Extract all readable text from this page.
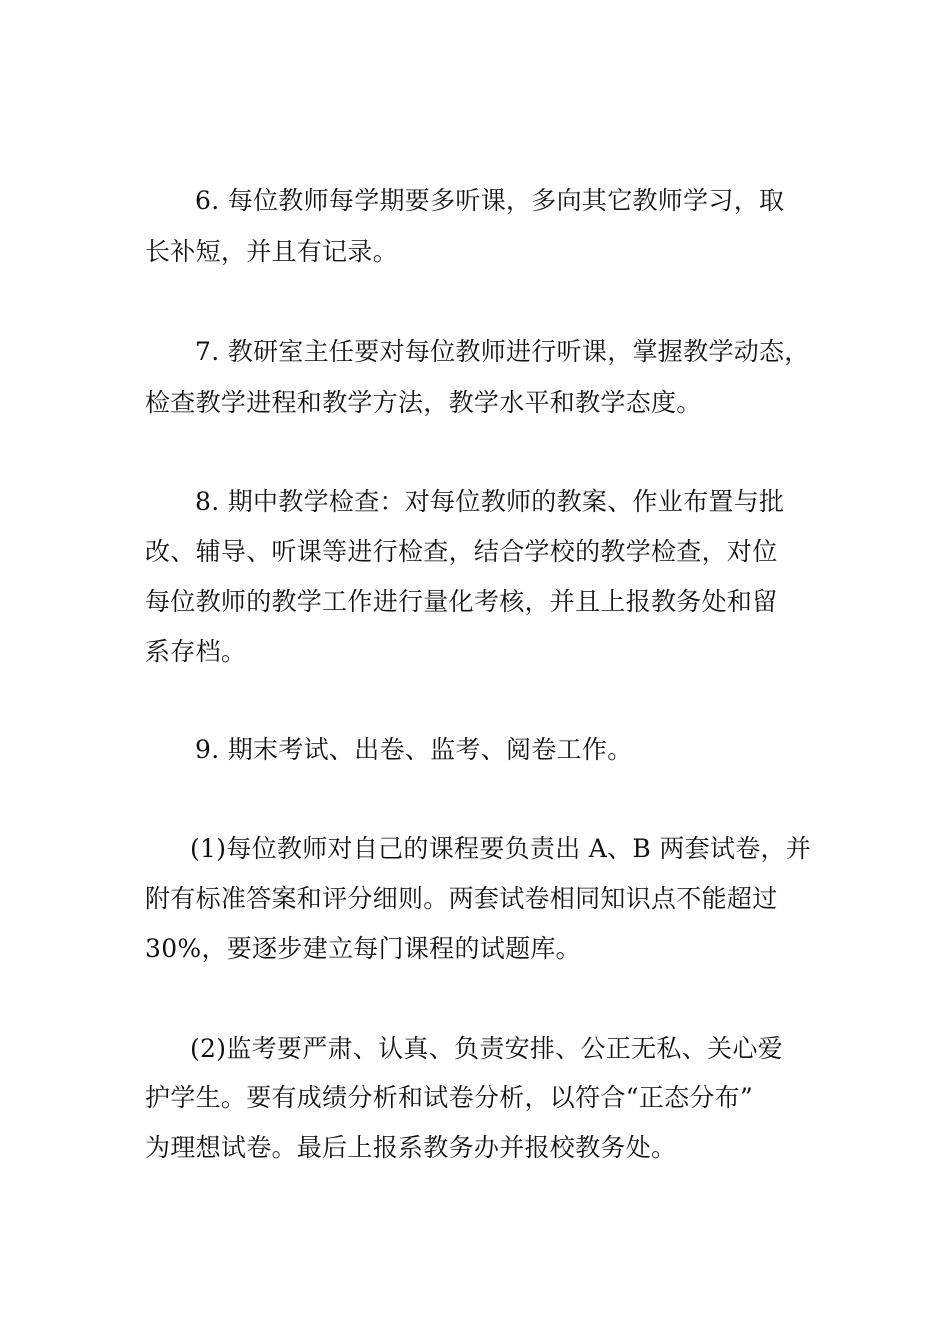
6. 每位教师每学期要多听课，多向其它教师学习，取
长补短，并且有记录。
7. 教研室主任要对每位教师进行听课，掌握教学动态，
检查教学进程和教学方法，教学水平和教学态度。
8. 期中教学检查：对每位教师的教案、作业布置与批
改、辅导、听课等进行检查，结合学校的教学检查，对位
每位教师的教学工作进行量化考核，并且上报教务处和留
系存档。
9. 期末考试、出卷、监考、阅卷工作。
(1)每位教师对自己的课程要负责出 A、B 两套试卷，并
附有标准答案和评分细则。两套试卷相同知识点不能超过
30%，要逐步建立每门课程的试题库。
(2)监考要严肃、认真、负责安排、公正无私、关心爱
护学生。要有成绩分析和试卷分析，以符合“正态分布”
为理想试卷。最后上报系教务办并报校教务处。
